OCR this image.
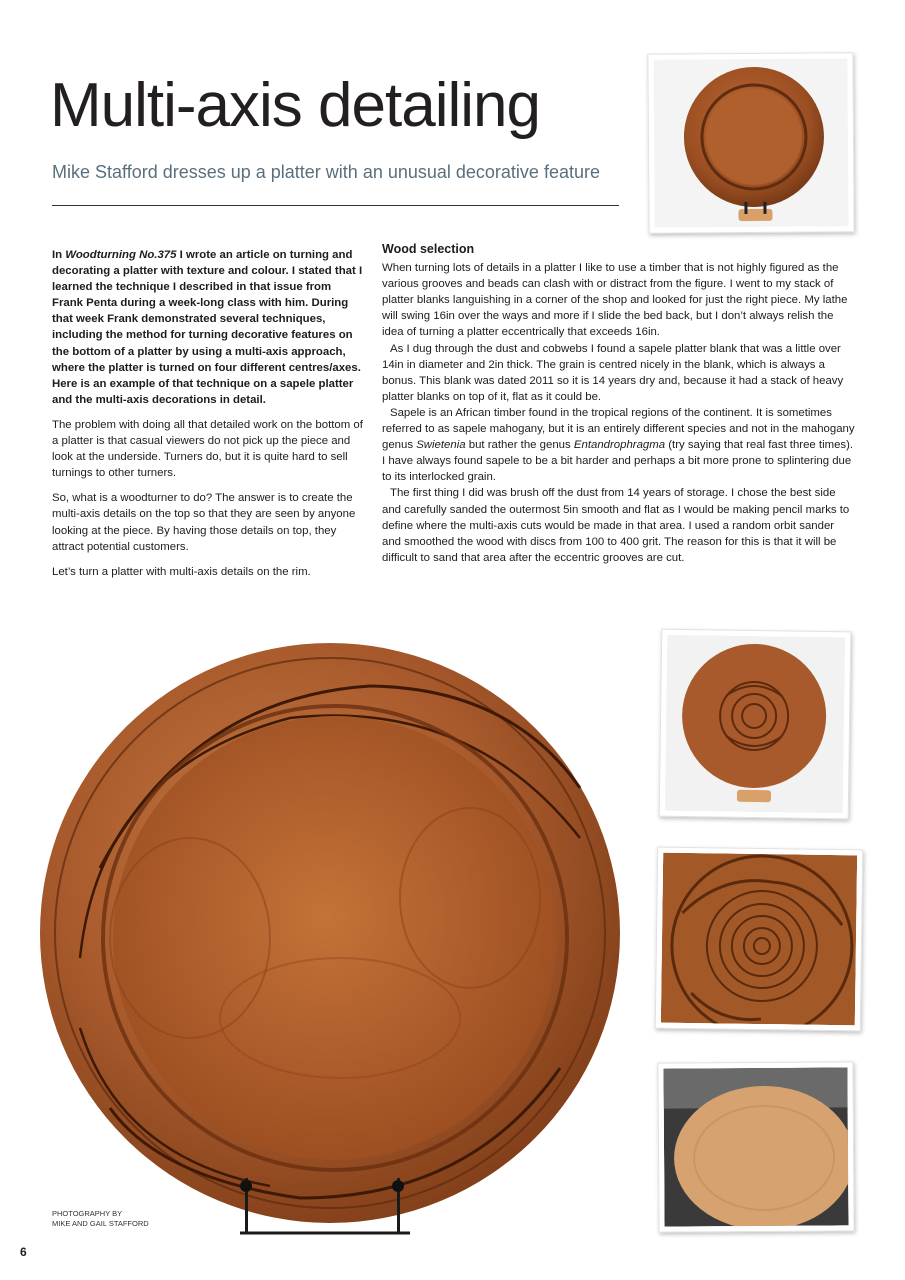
Multi-axis detailing

Mike Stafford dresses up a platter with an unusual decorative feature

In Woodturning No.375 I wrote an article on turning and decorating a platter with texture and colour. I stated that I learned the technique I described in that issue from Frank Penta during a week-long class with him. During that week Frank demonstrated several techniques, including the method for turning decorative features on the bottom of a platter by using a multi-axis approach, where the platter is turned on four different centres/axes. Here is an example of that technique on a sapele platter and the multi-axis decorations in detail.

The problem with doing all that detailed work on the bottom of a platter is that casual viewers do not pick up the piece and look at the underside. Turners do, but it is quite hard to sell turnings to other turners.

So, what is a woodturner to do? The answer is to create the multi-axis details on the top so that they are seen by anyone looking at the piece. By having those details on top, they attract potential customers.

Let’s turn a platter with multi-axis details on the rim.

Wood selection

When turning lots of details in a platter I like to use a timber that is not highly figured as the various grooves and beads can clash with or distract from the figure. I went to my stack of platter blanks languishing in a corner of the shop and looked for just the right piece. My lathe will swing 16in over the ways and more if I slide the bed back, but I don’t always relish the idea of turning a platter eccentrically that exceeds 16in.

As I dug through the dust and cobwebs I found a sapele platter blank that was a little over 14in in diameter and 2in thick. The grain is centred nicely in the blank, which is always a bonus. This blank was dated 2011 so it is 14 years dry and, because it had a stack of heavy platter blanks on top of it, flat as it could be.

Sapele is an African timber found in the tropical regions of the continent. It is sometimes referred to as sapele mahogany, but it is an entirely different species and not in the mahogany genus Swietenia but rather the genus Entandrophragma (try saying that real fast three times). I have always found sapele to be a bit harder and perhaps a bit more prone to splintering due to its interlocked grain.

The first thing I did was brush off the dust from 14 years of storage. I chose the best side and carefully sanded the outermost 5in smooth and flat as I would be making pencil marks to define where the multi-axis cuts would be made in that area. I used a random orbit sander and smoothed the wood with discs from 100 to 400 grit. The reason for this is that it will be difficult to sand that area after the eccentric grooves are cut.

PHOTOGRAPHY BY
MIKE AND GAIL STAFFORD
6
